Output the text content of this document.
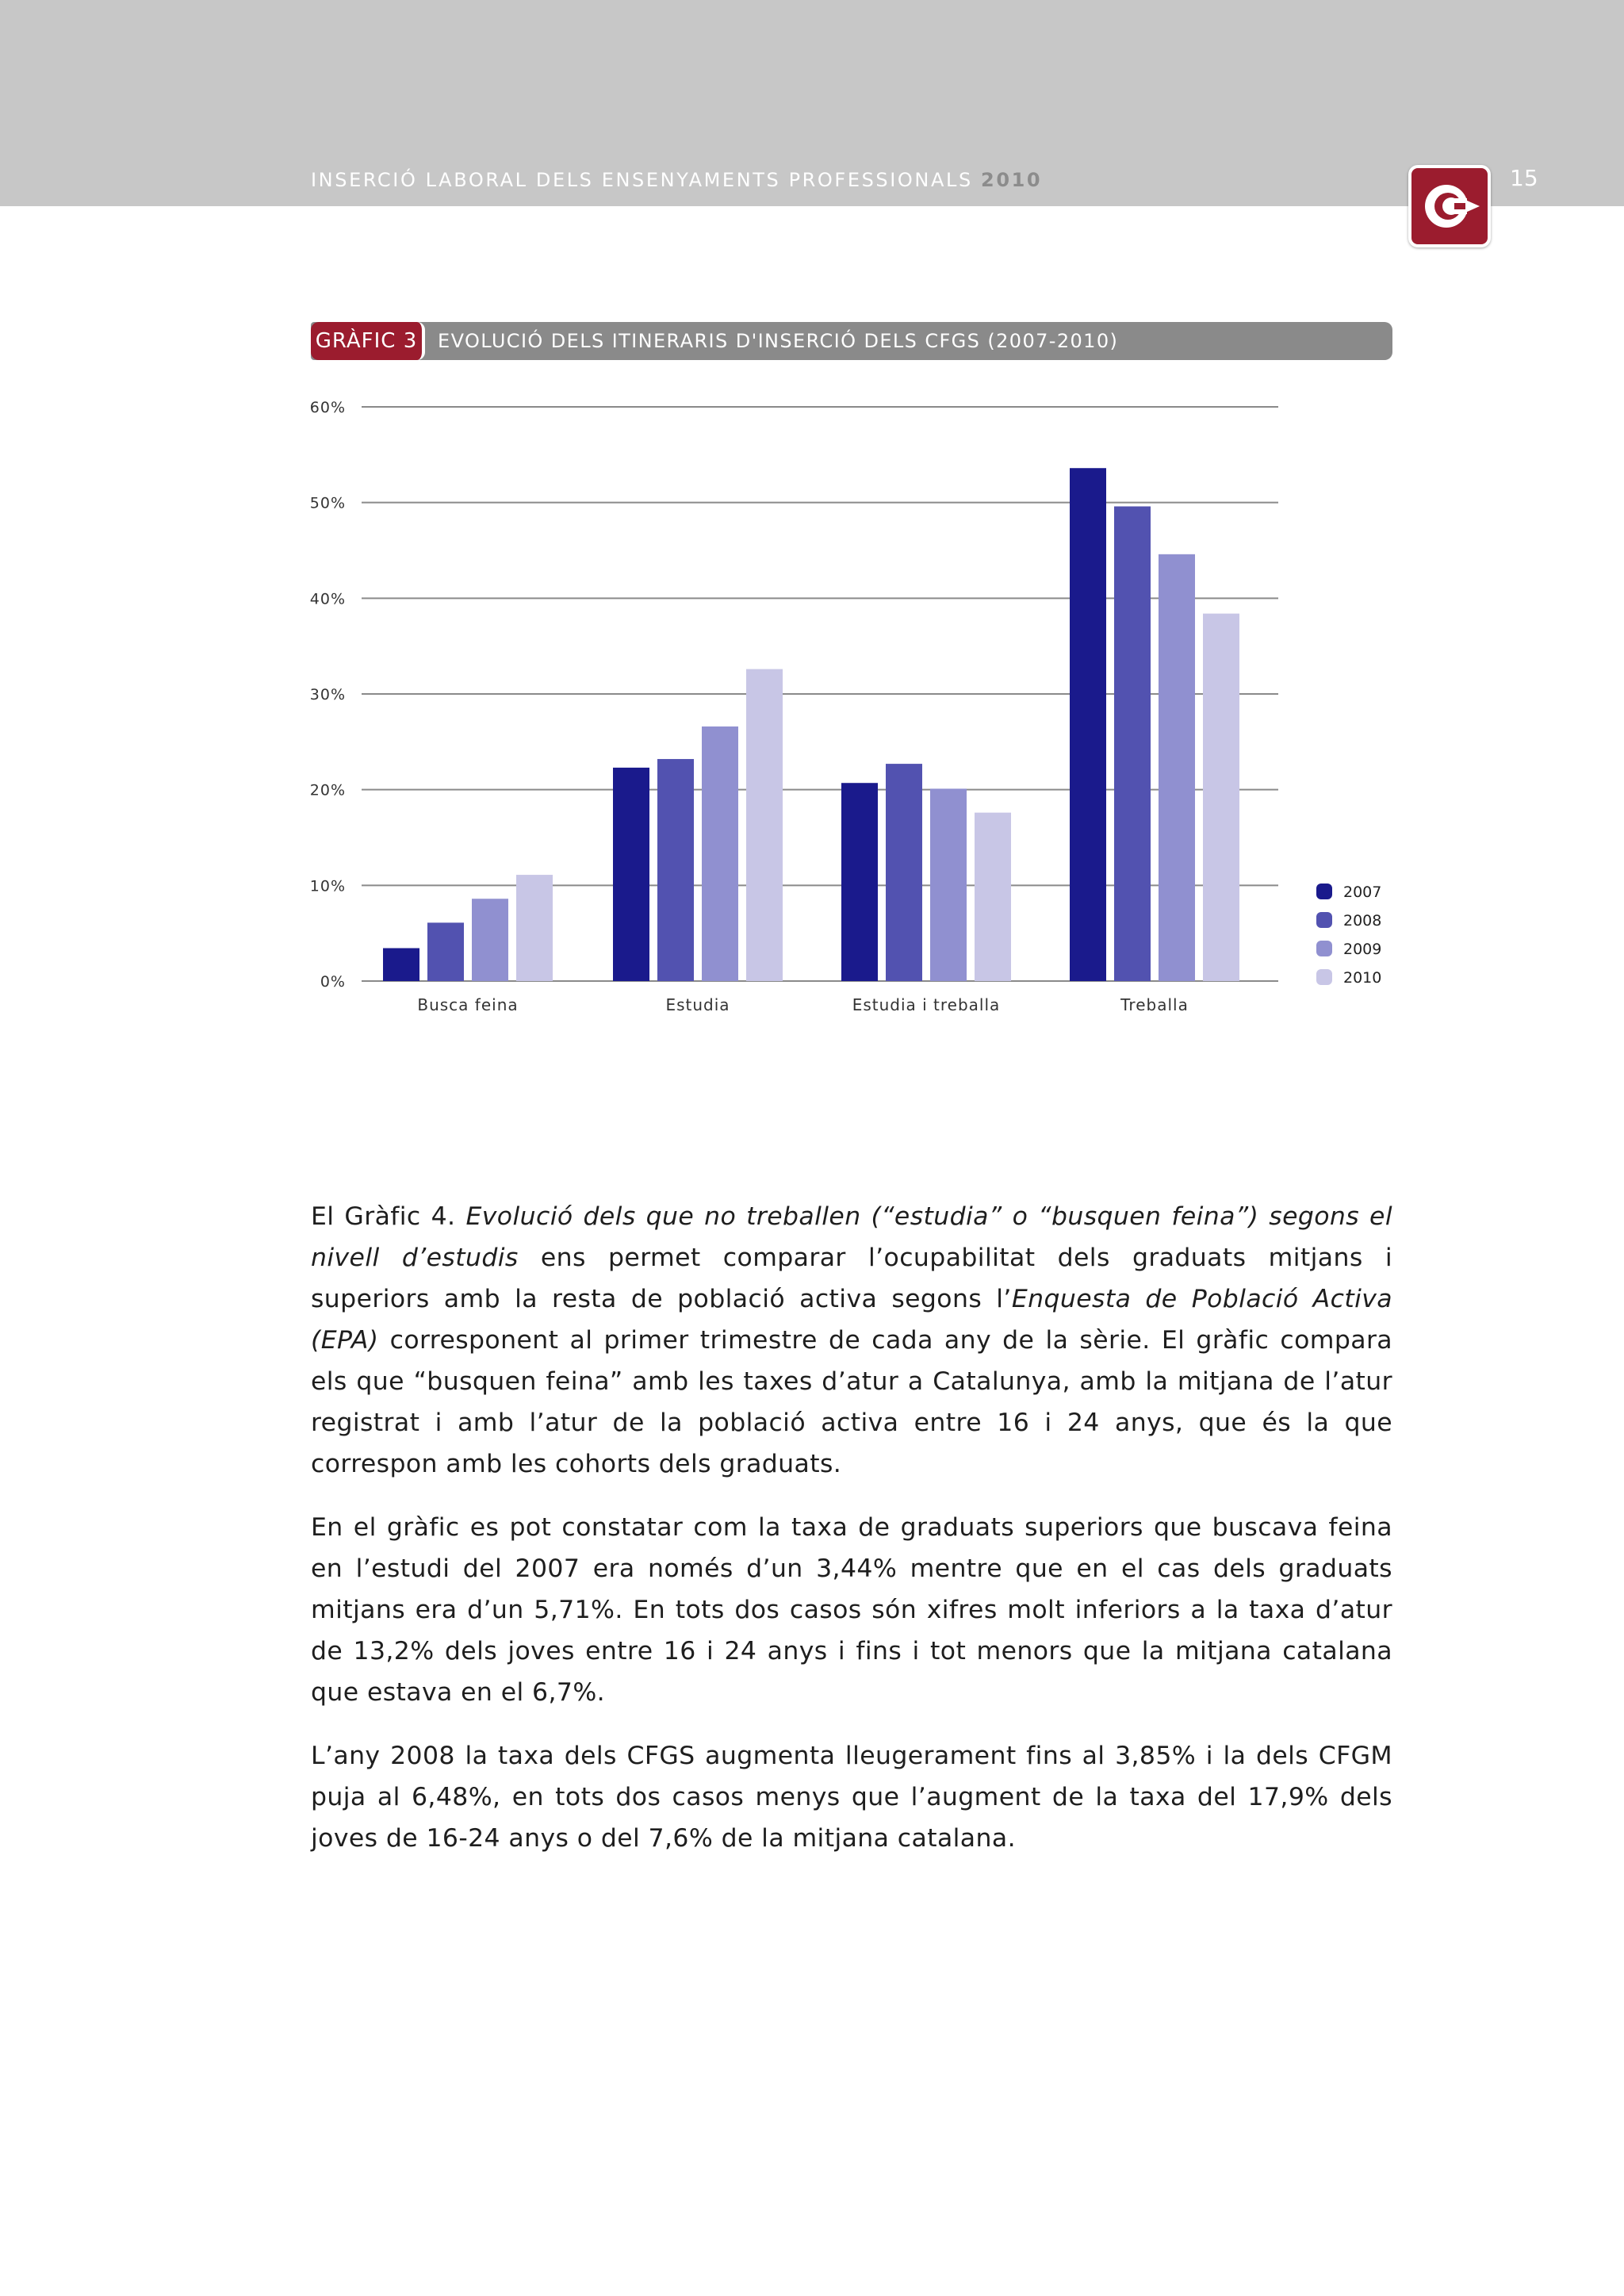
INSERCIÓ LABORAL DELS ENSENYAMENTS PROFESSIONALS 2010	15
GRÀFIC 3	EVOLUCIÓ DELS ITINERARIS D'INSERCIÓ DELS CFGS (2007-2010)
0%
10%
20%
30%
40%
50%
60%
Busca feina	Estudia	Estudia i treballa	Treballa
2007
2008
2009
2010

El Gràfic 4. Evolució dels que no treballen (“estudia” o “busquen feina”) segons el nivell d’estudis ens permet comparar l’ocupabilitat dels graduats mitjans i superiors amb la resta de població activa segons l’Enquesta de Població Activa (EPA) corresponent al primer trimestre de cada any de la sèrie. El gràfic compara els que “busquen feina” amb les taxes d’atur a Catalunya, amb la mitjana de l’atur registrat i amb l’atur de la població activa entre 16 i 24 anys, que és la que correspon amb les cohorts dels graduats.

En el gràfic es pot constatar com la taxa de graduats superiors que buscava feina en l’estudi del 2007 era només d’un 3,44% mentre que en el cas dels graduats mitjans era d’un 5,71%. En tots dos casos són xifres molt inferiors a la taxa d’atur de 13,2% dels joves entre 16 i 24 anys i fins i tot menors que la mitjana catalana que estava en el 6,7%.

L’any 2008 la taxa dels CFGS augmenta lleugerament fins al 3,85% i la dels CFGM puja al 6,48%, en tots dos casos menys que l’augment de la taxa del 17,9% dels joves de 16-24 anys o del 7,6% de la mitjana catalana.
